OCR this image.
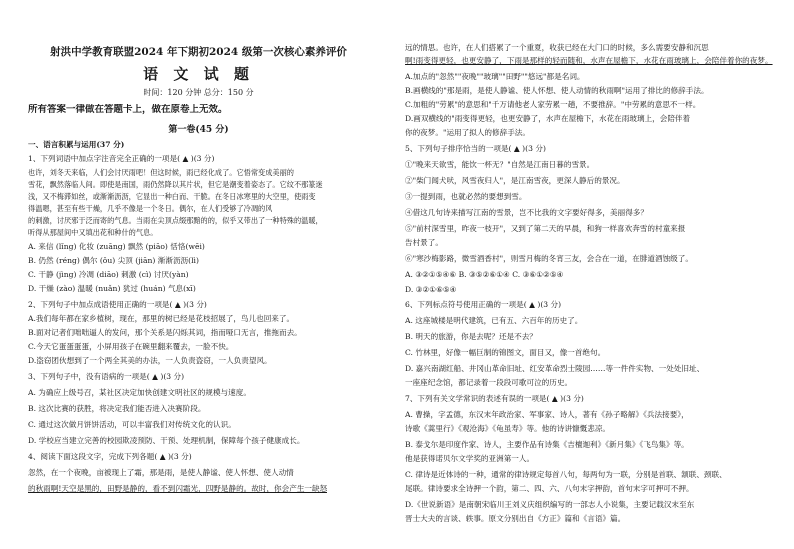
射洪中学教育联盟2024 年下期初2024 级第一次核心素养评价
语 文 试 题
时间：120 分钟 总分：150 分
所有答案一律做在答题卡上，做在原卷上无效。
第一卷(45 分)
一、语言积累与运用(37 分)
1、下列词语中加点字注音完全正确的一项是( ▲ )(3 分)
也许，刘冬天来临，人们会讨厌雨吧！但这时候，雨已经化成了。它悟常变成美丽的
雪花，飘然落临人间。即使是南国，雨仍然降以其片状，但它是潮变着姿态了。它纹不那篆迷
浅，又不梅滞如丝，或渐渐沥沥，它显出一种白而、干脆。在冬日冰寒里的大空里，使雨变
得温嗯，甚至有些干燥，几乎不像是一个冬日。偶尔，在人们受够了冷凋的风
的刺激，讨厌邪于泛而寄的气息。当雨在尖顶点缀那黯的的，似乎又带出了一种特殊的温暖，
听得从那屋间中又填出花和种什的气息。
A. 来信 (lǐng) 化妆 (zuāng) 飘然 (piāo) 恬恪(wēi)
B. 仍然 (réng) 偶尔 (ǒu) 尖顶 (jiān) 渐渐沥沥(lì)
C. 干静 (jìng) 冷凋 (diāo) 刺激 (cì) 讨厌(yàn)
D. 干燥 (zào) 温暖 (nuǎn) 犹过 (huán) 气息(xī)
2、下列句子中加点成语使用正确的一项是( ▲ )(3 分)
A.我们每年都在家乡植树，现在，那里的树已经是花枝招展了，鸟儿也回来了。
B.面对记者们咄咄逼人的发问，那个关系是闪烁其词，指而哑口无言，推拖而去。
C.今天它蛋蛋蛋蛋，小屏用孩子在碗里翻来覆去，一脸不快。
D.盗窃团伙想到了一个两全其美的办法，一人负责盗窃，一人负责望风。
3、下列句子中，没有语病的一项是( ▲ )(3 分)
A. 为确应上级号召，某社区决定加快创建文明社区的规模与速度。
B. 这次比赛的获胜，将决定我们能否进入决赛阶段。
C. 通过这次做月饼饼活动，可以丰富我们对传统文化的认识。
D. 学校应当建立完善的校园欺凌预防、干预、处理机制，保障每个孩子健康成长。
4、阅读下面这段文字，完成下列各题( ▲ )(3 分)
忽然，在一个夜晚，亩被现上了霜，那是雨，是使人静谧、使人怀想、使人动情
的秋雨啊!天空是黑的，田野是静的，看不到闪霜光，四野是静的。故时，你会产生一缺怒
远的情思。也许，在人们搭累了一个重夏，收获已经在大门口的时候，多么需要安静和沉思
啊!雨变得更轻，也更安静了，下雨是那样的轻而随和，水声在屋檐下，水花在雨玻璃上，会陪伴着你的夜梦。
A.加点的"忽然""夜晚""玻璃""田野""悠远"都是名词。
B.画横线的"那是雨，是使人静谧、使人怀想、使人动情的秋雨啊"运用了排比的修辞手法。
C.加粗的"劳累"的意思和"千万请他老人家劳累一趟，不要推辞。"中劳累的意思不一样。
D.画双横线的"雨变得更轻，也更安静了，水声在屋檐下，水花在雨玻璃上，会陪伴着
你的夜梦。"运用了拟人的修辞手法。
5、下列句子排序恰当的一项是( ▲ )(3 分)
①"晚来天欲雪，能饮一杯无？"自然是江南日暮的雪景。
②"柴门闻犬吠，风雪夜归人"，是江南雪夜，更深人静后的景况。
③一提到雨，也就必然的要想到雪。
④借这几句诗来描写江南的雪景，岂不比我的文字要好得多，美丽得多？
⑤"前村深雪里，昨夜一枝开"，又到了第二天的早晨，和狗一样喜欢奔雪的村童来报
告村景了。
⑥"寒沙梅影路，微雪酒香村"，则雪月梅的冬宵三友，会合在一道，在腓道酒蚀级了。
A. ③②①⑤④⑥ B. ③⑤②⑥①④ C. ③⑥①②⑤④
D. ③②①⑥⑤④
6、下列标点符号使用正确的一项是( ▲ )(3 分)
A. 这座城楼是明代建筑，已有五、六百年的历史了。
B. 明天的旅游，你是去呢？还是不去？
C. 竹林里，好像一幅巨制的锦图文，面目又，像一首绝句。
D. 嘉兴南湖红船、井冈山革命旧址、红安革命烈士陵园……等一件件实物、一处处旧址、
一座座纪念馆，都记录着一段段可歌可泣的历史。
7、下列有关文学常识的表述有误的一项是( ▲ )(3 分)
A. 曹操，字孟德，东汉末年政治家、军事家、诗人，著有《孙子略解》《兵法接要》，
诗歌《蒿里行》《观沧海》《龟虽寿》等。他的诗讲慷慨悲凉。
B. 泰戈尔是印度作家、诗人，主要作品有诗集《吉檀迦利》《新月集》《飞鸟集》等。
他是获得诺贝尔文学奖的亚洲第一人。
C. 律诗是近体诗的一种，通常的律诗规定每首八句，每两句为一联，分别是首联、颔联、颈联、
尾联。律诗要求全诗押一个韵，第二、四、六、八句末字押韵，首句末字可押可不押。
D.《世说新语》是南朝宋临川王刘义庆组织编写的一部志人小说集，主要记载汉末至东
晋士大夫的言谈、轶事。原文分别出自《方正》篇和《言语》篇。
